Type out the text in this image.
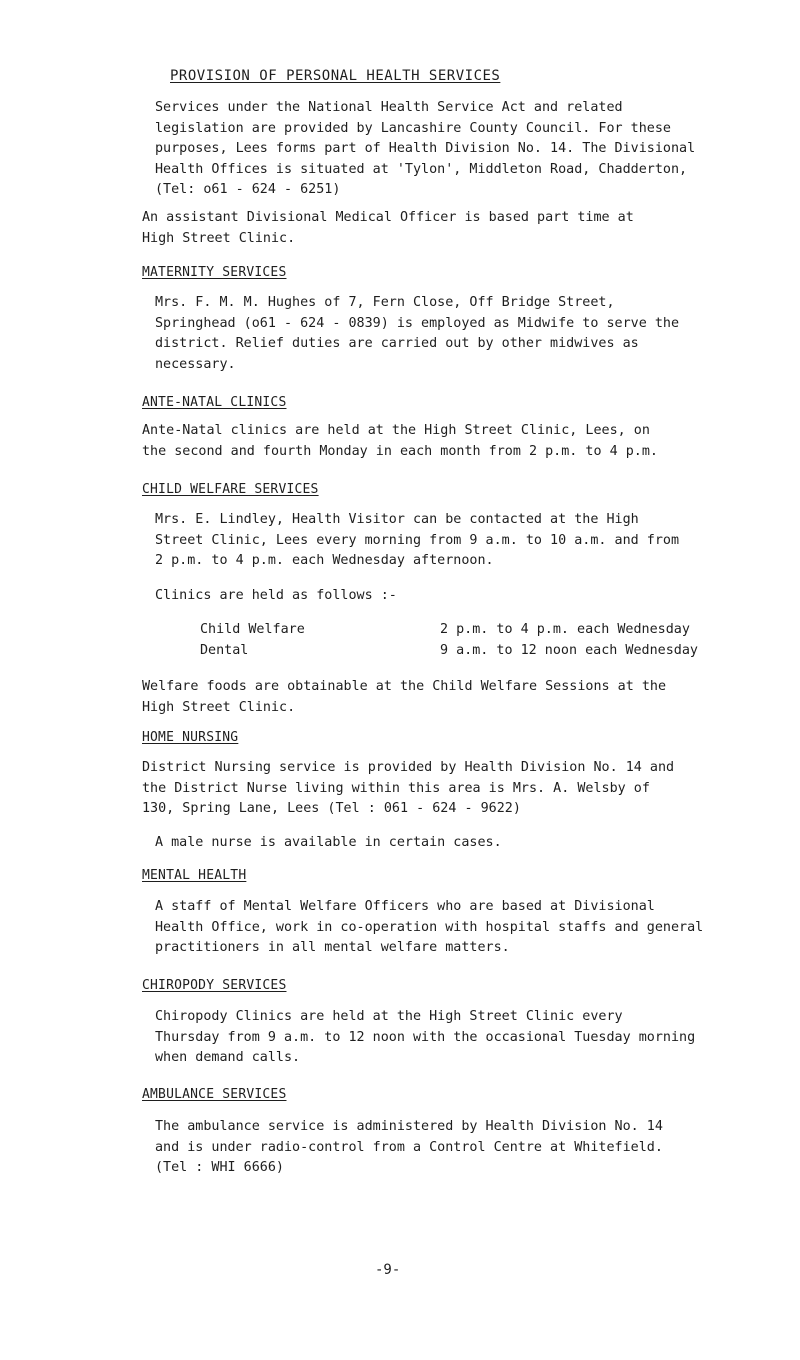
PROVISION OF PERSONAL HEALTH SERVICES
Services under the National Health Service Act and related
legislation are provided by Lancashire County Council. For these
purposes, Lees forms part of Health Division No. 14. The Divisional
Health Offices is situated at 'Tylon', Middleton Road, Chadderton,
(Tel: o61 - 624 - 6251)
An assistant Divisional Medical Officer is based part time at
High Street Clinic.
MATERNITY SERVICES
Mrs. F. M. M. Hughes of 7, Fern Close, Off Bridge Street,
Springhead (o61 - 624 - 0839) is employed as Midwife to serve the
district. Relief duties are carried out by other midwives as
necessary.
ANTE-NATAL CLINICS
Ante-Natal clinics are held at the High Street Clinic, Lees, on
the second and fourth Monday in each month from 2 p.m. to 4 p.m.
CHILD WELFARE SERVICES
Mrs. E. Lindley, Health Visitor can be contacted at the High
Street Clinic, Lees every morning from 9 a.m. to 10 a.m. and from
2 p.m. to 4 p.m. each Wednesday afternoon.
Clinics are held as follows :-
Child Welfare	2 p.m. to 4 p.m. each Wednesday
Dental	9 a.m. to 12 noon each Wednesday
Welfare foods are obtainable at the Child Welfare Sessions at the
High Street Clinic.
HOME NURSING
District Nursing service is provided by Health Division No. 14 and
the District Nurse living within this area is Mrs. A. Welsby of
130, Spring Lane, Lees (Tel : 061 - 624 - 9622)
A male nurse is available in certain cases.
MENTAL HEALTH
A staff of Mental Welfare Officers who are based at Divisional
Health Office, work in co-operation with hospital staffs and general
practitioners in all mental welfare matters.
CHIROPODY SERVICES
Chiropody Clinics are held at the High Street Clinic every
Thursday from 9 a.m. to 12 noon with the occasional Tuesday morning
when demand calls.
AMBULANCE SERVICES
The ambulance service is administered by Health Division No. 14
and is under radio-control from a Control Centre at Whitefield.
(Tel : WHI 6666)
-9-
